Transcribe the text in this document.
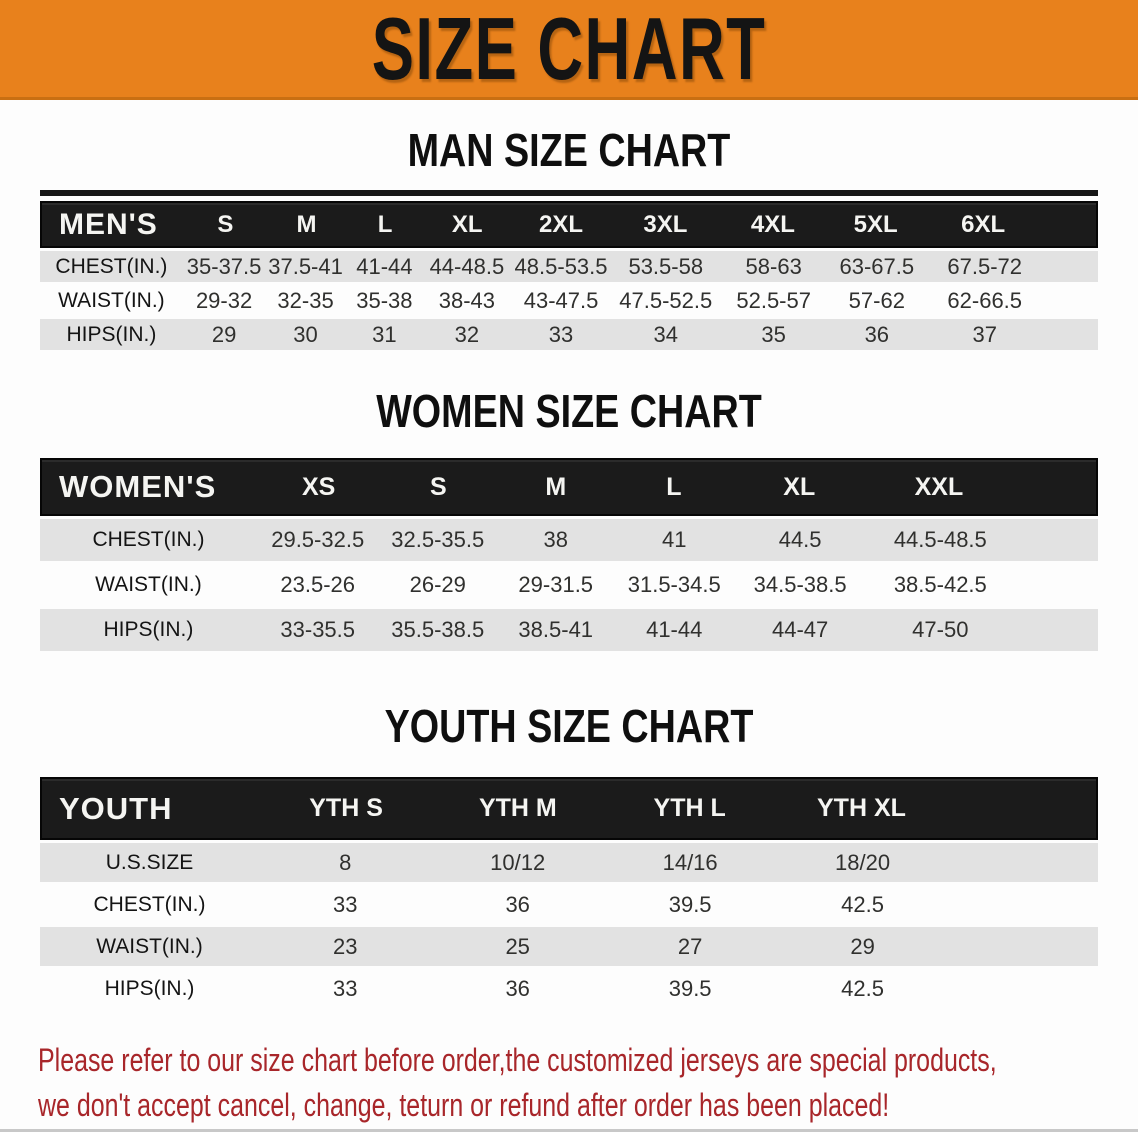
SIZE CHART
MAN SIZE CHART
MEN'S	S	M	L	XL	2XL	3XL	4XL	5XL	6XL
CHEST(IN.) 35-37.5 37.5-41 41-44 44-48.5 48.5-53.5 53.5-58	58-63	63-67.5	67.5-72
WAIST(IN.)	29-32	32-35	35-38	38-43	43-47.5 47.5-52.5	52.5-57	57-62	62-66.5
HIPS(IN.)	29	30	31	32	33	34	35	36	37
WOMEN SIZE CHART
WOMEN'S	XS	S	M	L	XL	XXL
CHEST(IN.)	29.5-32.5	32.5-35.5	38	41	44.5	44.5-48.5
WAIST(IN.)	23.5-26	26-29	29-31.5	31.5-34.5	34.5-38.5	38.5-42.5
HIPS(IN.)	33-35.5	35.5-38.5	38.5-41	41-44	44-47	47-50
YOUTH SIZE CHART
YOUTH	YTH S	YTH M	YTH L	YTH XL
U.S.SIZE	8	10/12	14/16	18/20
CHEST(IN.)	33	36	39.5	42.5
WAIST(IN.)	23	25	27	29
HIPS(IN.)	33	36	39.5	42.5
Please refer to our size chart before order,the customized jerseys are special products,
we don't accept cancel, change, teturn or refund after order has been placed!
